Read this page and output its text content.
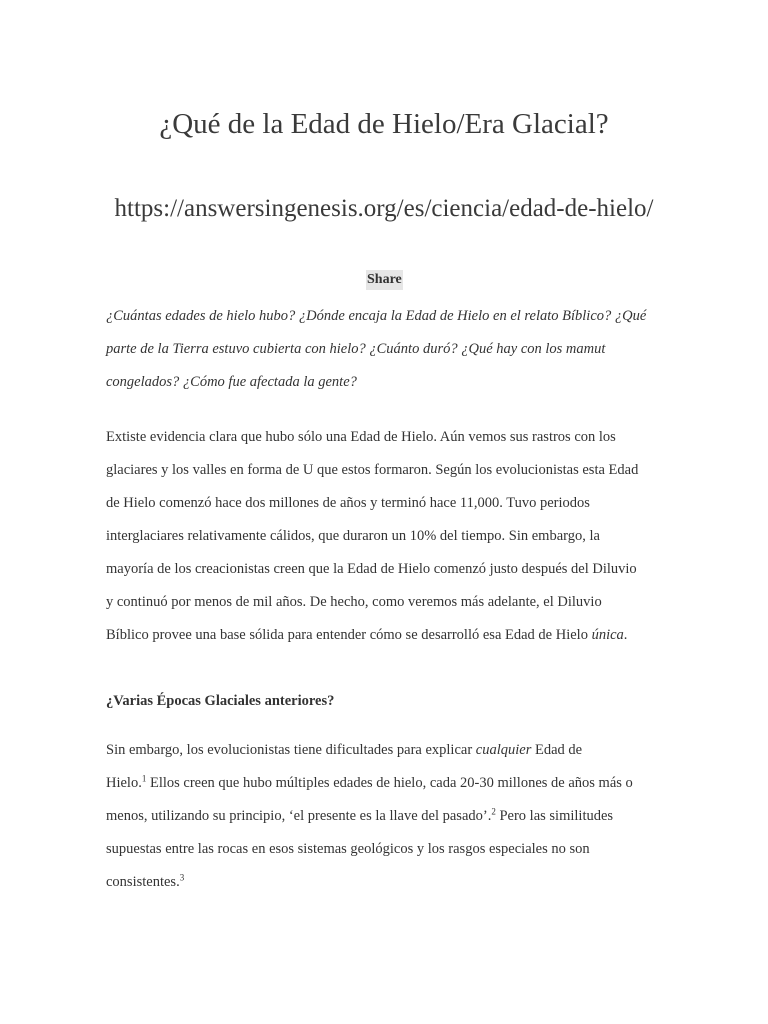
¿Qué de la Edad de Hielo/Era Glacial?
https://answersingenesis.org/es/ciencia/edad-de-hielo/
Share

¿Cuántas edades de hielo hubo? ¿Dónde encaja la Edad de Hielo en el relato Bíblico? ¿Qué
parte de la Tierra estuvo cubierta con hielo? ¿Cuánto duró? ¿Qué hay con los mamut
congelados? ¿Cómo fue afectada la gente?

Extiste evidencia clara que hubo sólo una Edad de Hielo. Aún vemos sus rastros con los
glaciares y los valles en forma de U que estos formaron. Según los evolucionistas esta Edad
de Hielo comenzó hace dos millones de años y terminó hace 11,000. Tuvo periodos
interglaciares relativamente cálidos, que duraron un 10% del tiempo. Sin embargo, la
mayoría de los creacionistas creen que la Edad de Hielo comenzó justo después del Diluvio
y continuó por menos de mil años. De hecho, como veremos más adelante, el Diluvio
Bíblico provee una base sólida para entender cómo se desarrolló esa Edad de Hielo única.

¿Varias Épocas Glaciales anteriores?

Sin embargo, los evolucionistas tiene dificultades para explicar cualquier Edad de
Hielo.$^1$ Ellos creen que hubo múltiples edades de hielo, cada 20-30 millones de años más o
menos, utilizando su principio, ‘el presente es la llave del pasado’.$^2$ Pero las similitudes
supuestas entre las rocas en esos sistemas geológicos y los rasgos especiales no son
consistentes.$^3$
